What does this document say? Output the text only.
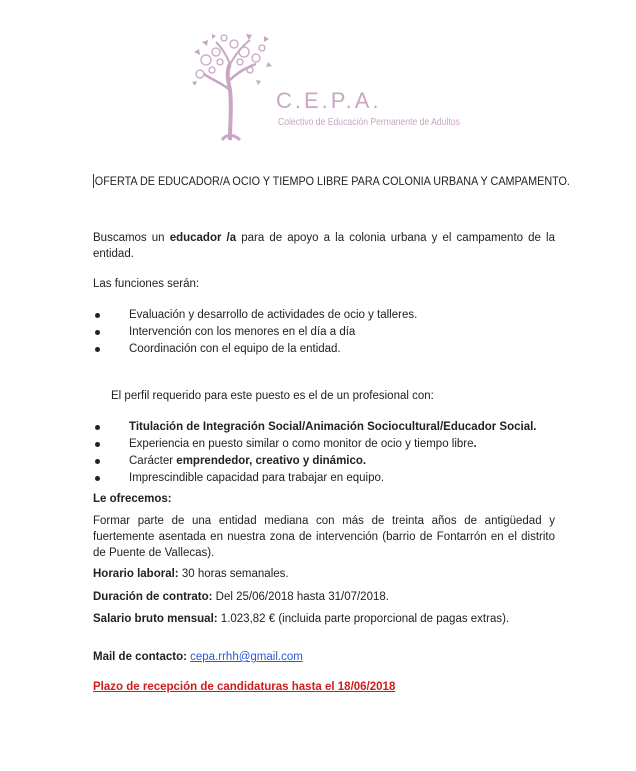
C.E.P.A.
Colectivo de Educación Permanente de Adultos
OFERTA DE EDUCADOR/A OCIO Y TIEMPO LIBRE PARA COLONIA URBANA Y CAMPAMENTO.

Buscamos un educador /a para de apoyo a la colonia urbana y el campamento de la entidad.

Las funciones serán:

Evaluación y desarrollo de actividades de ocio y talleres.
Intervención con los menores en el día a día
Coordinación con el equipo de la entidad.

El perfil requerido para este puesto es el de un profesional con:

Titulación de Integración Social/Animación Sociocultural/Educador Social.
Experiencia en puesto similar o como monitor de ocio y tiempo libre.
Carácter emprendedor, creativo y dinámico.
Imprescindible capacidad para trabajar en equipo.

Le ofrecemos:

Formar parte de una entidad mediana con más de treinta años de antigüedad y fuertemente asentada en nuestra zona de intervención (barrio de Fontarrón en el distrito de Puente de Vallecas).

Horario laboral: 30 horas semanales.

Duración de contrato: Del 25/06/2018 hasta 31/07/2018.

Salario bruto mensual: 1.023,82 € (incluida parte proporcional de pagas extras).

Mail de contacto: cepa.rrhh@gmail.com

Plazo de recepción de candidaturas hasta el 18/06/2018
